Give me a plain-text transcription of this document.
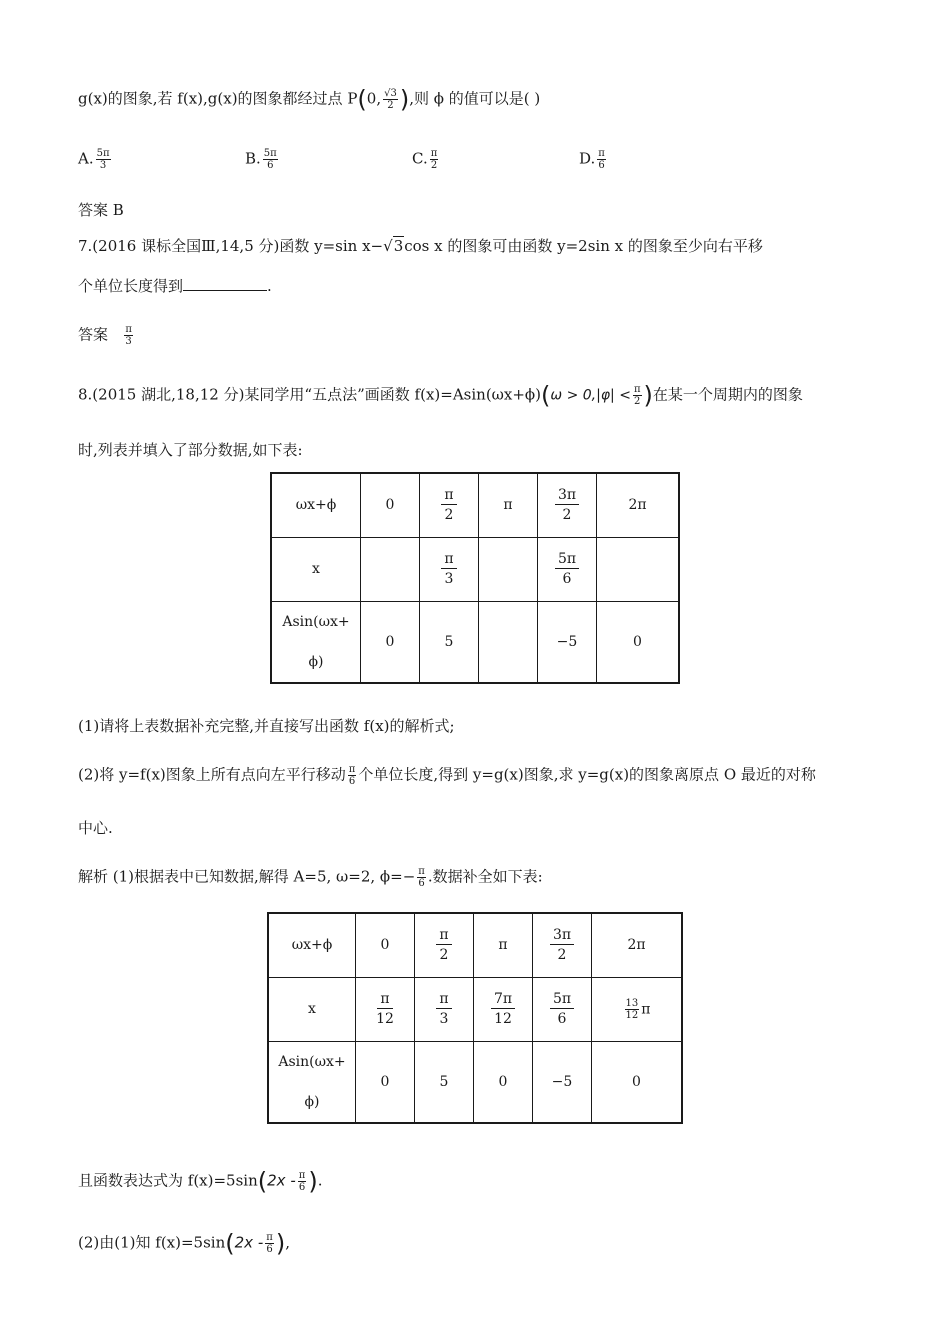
g(x)的图象,若 f(x),g(x)的图象都经过点 P(0, $\frac{√3}{2}$ ),则 ϕ 的值可以是( )
A. $\frac{5\pi}{3}$	B. $\frac{5\pi}{6}$	C. $\frac{\pi}{2}$	D. $\frac{\pi}{6}$
答案 B
7.(2016 课标全国Ⅲ,14,5 分)函数 y=sin x−√3cos x 的图象可由函数 y=2sin x 的图象至少向右平移
个单位长度得到	.
答案 $\frac{\pi}{3}$
8.(2015 湖北,18,12 分)某同学用“五点法”画函数 $f(x)=Asin(\omega x+\phi)(\omega > 0,|\varphi| < \frac{\pi}{2}$ )在某一个周期内的图象
时,列表并填入了部分数据,如下表:
ωx+ϕ	0	$\frac{\pi}{2}$	π	$\frac{3\pi}{2}$	2π
x		$\frac{\pi}{3}$		$\frac{5\pi}{6}$

Asin(ωx+
ϕ)	0	5		−5	0
(1)请将上表数据补充完整,并直接写出函数 f(x)的解析式;
(2)将 y=f(x)图象上所有点向左平行移动 $\frac{\pi}{6}$ 个单位长度,得到 y=g(x)图象,求 y=g(x)的图象离原点 O 最近的对称
中心.
解析 (1)根据表中已知数据,解得 A=5, ω=2, $\phi=- \frac{\pi}{6}$ .数据补全如下表:
ωx+ϕ	0	$\frac{\pi}{2}$	π	$\frac{3\pi}{2}$	2π
x	$\frac{\pi}{12}$	$\frac{\pi}{3}$	$\frac{7\pi}{12}$	$\frac{5\pi}{6}$	$\frac{13}{12}$ π
Asin(ωx+
ϕ)	0	5	0	−5	0
且函数表达式为 $f(x)=5\sin(2x - \frac{\pi}{6}$ ).
(2)由(1)知 $f(x)=5\sin(2x - \frac{\pi}{6}$ ),
